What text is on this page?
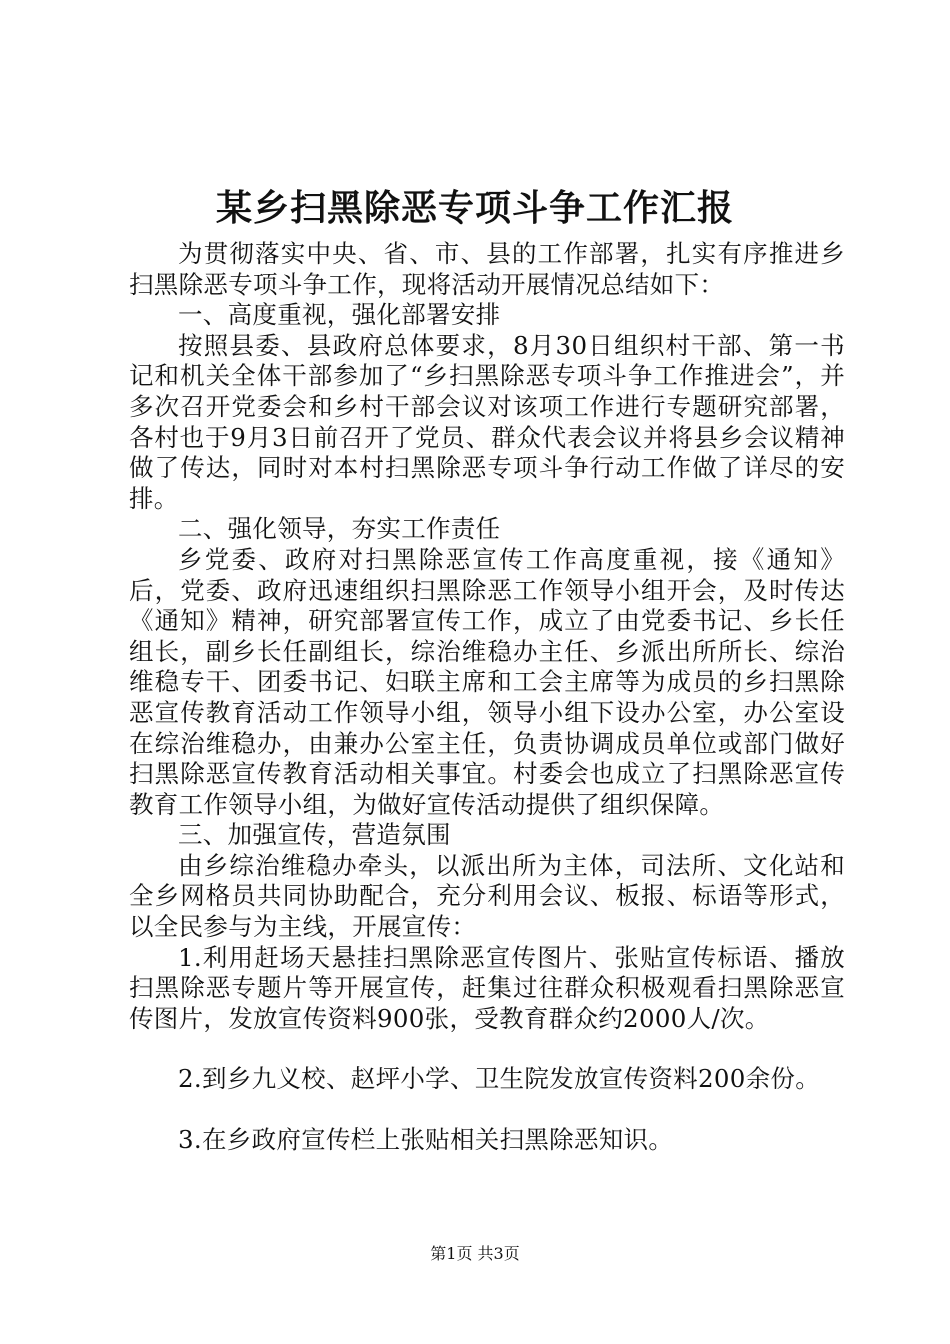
某乡扫黑除恶专项斗争工作汇报

为贯彻落实中央、省、市、县的工作部署，扎实有序推进乡扫黑除恶专项斗争工作，现将活动开展情况总结如下：

一、高度重视，强化部署安排

按照县委、县政府总体要求，8月30日组织村干部、第一书记和机关全体干部参加了“乡扫黑除恶专项斗争工作推进会”，并多次召开党委会和乡村干部会议对该项工作进行专题研究部署，各村也于9月3日前召开了党员、群众代表会议并将县乡会议精神做了传达，同时对本村扫黑除恶专项斗争行动工作做了详尽的安排。

二、强化领导，夯实工作责任

乡党委、政府对扫黑除恶宣传工作高度重视，接《通知》后，党委、政府迅速组织扫黑除恶工作领导小组开会，及时传达《通知》精神，研究部署宣传工作，成立了由党委书记、乡长任组长，副乡长任副组长，综治维稳办主任、乡派出所所长、综治维稳专干、团委书记、妇联主席和工会主席等为成员的乡扫黑除恶宣传教育活动工作领导小组，领导小组下设办公室，办公室设在综治维稳办，由兼办公室主任，负责协调成员单位或部门做好扫黑除恶宣传教育活动相关事宜。村委会也成立了扫黑除恶宣传教育工作领导小组，为做好宣传活动提供了组织保障。

三、加强宣传，营造氛围

由乡综治维稳办牵头，以派出所为主体，司法所、文化站和全乡网格员共同协助配合，充分利用会议、板报、标语等形式，以全民参与为主线，开展宣传：

1.利用赶场天悬挂扫黑除恶宣传图片、张贴宣传标语、播放扫黑除恶专题片等开展宣传，赶集过往群众积极观看扫黑除恶宣传图片，发放宣传资料900张，受教育群众约2000人/次。

2.到乡九义校、赵坪小学、卫生院发放宣传资料200余份。

3.在乡政府宣传栏上张贴相关扫黑除恶知识。

第1页 共3页
